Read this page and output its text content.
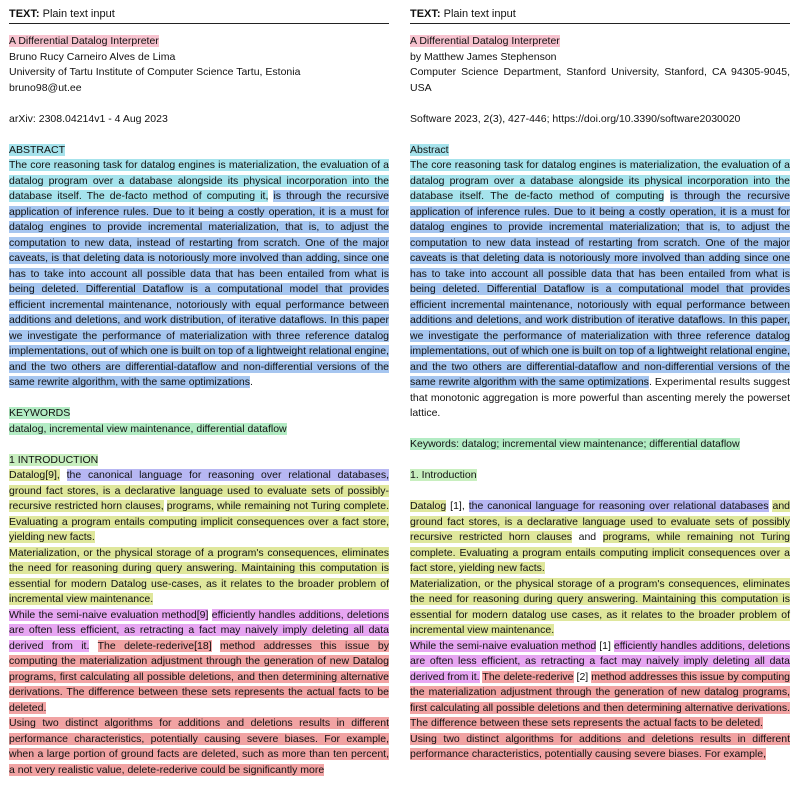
TEXT: Plain text input

A Differential Datalog Interpreter

Bruno Rucy Carneiro Alves de Lima

University of Tartu Institute of Computer Science Tartu, Estonia

bruno98@ut.ee

arXiv: 2308.04214v1 - 4 Aug 2023

ABSTRACT

The core reasoning task for datalog engines is materialization, the evaluation of a datalog program over a database alongside its physical incorporation into the database itself. The de-facto method of computing it, is through the recursive application of inference rules. Due to it being a costly operation, it is a must for datalog engines to provide incremental materialization, that is, to adjust the computation to new data, instead of restarting from scratch. One of the major caveats, is that deleting data is notoriously more involved than adding, since one has to take into account all possible data that has been entailed from what is being deleted. Differential Dataflow is a computational model that provides efficient incremental maintenance, notoriously with equal performance between additions and deletions, and work distribution, of iterative dataflows. In this paper we investigate the performance of materialization with three reference datalog implementations, out of which one is built on top of a lightweight relational engine, and the two others are differential-dataflow and non-differential versions of the same rewrite algorithm, with the same optimizations.

KEYWORDS

datalog, incremental view maintenance, differential dataflow

1 INTRODUCTION

Datalog[9], the canonical language for reasoning over relational databases, ground fact stores, is a declarative language used to evaluate sets of possibly-recursive restricted horn clauses, programs, while remaining not Turing complete. Evaluating a program entails computing implicit consequences over a fact store, yielding new facts.

Materialization, or the physical storage of a program's consequences, eliminates the need for reasoning during query answering. Maintaining this computation is essential for modern Datalog use-cases, as it relates to the broader problem of incremental view maintenance.

While the semi-naive evaluation method[9] efficiently handles additions, deletions are often less efficient, as retracting a fact may naively imply deleting all data derived from it. The delete-rederive[18] method addresses this issue by computing the materialization adjustment through the generation of new Datalog programs, first calculating all possible deletions, and then determining alternative derivations. The difference between these sets represents the actual facts to be deleted.

Using two distinct algorithms for additions and deletions results in different performance characteristics, potentially causing severe biases. For example, when a large portion of ground facts are deleted, such as more than ten percent, a not very realistic value, delete-rederive could be significantly more

TEXT: Plain text input

A Differential Datalog Interpreter

by Matthew James Stephenson

Computer Science Department, Stanford University, Stanford, CA 94305-9045, USA

Software 2023, 2(3), 427-446; https://doi.org/10.3390/software2030020

Abstract

The core reasoning task for datalog engines is materialization, the evaluation of a datalog program over a database alongside its physical incorporation into the database itself. The de-facto method of computing is through the recursive application of inference rules. Due to it being a costly operation, it is a must for datalog engines to provide incremental materialization; that is, to adjust the computation to new data instead of restarting from scratch. One of the major caveats is that deleting data is notoriously more involved than adding since one has to take into account all possible data that has been entailed from what is being deleted. Differential Dataflow is a computational model that provides efficient incremental maintenance, notoriously with equal performance between additions and deletions, and work distribution of iterative dataflows. In this paper, we investigate the performance of materialization with three reference datalog implementations, out of which one is built on top of a lightweight relational engine, and the two others are differential-dataflow and non-differential versions of the same rewrite algorithm with the same optimizations. Experimental results suggest that monotonic aggregation is more powerful than ascenting merely the powerset lattice.

Keywords: datalog; incremental view maintenance; differential dataflow

1. Introduction

Datalog [1], the canonical language for reasoning over relational databases and ground fact stores, is a declarative language used to evaluate sets of possibly recursive restricted horn clauses and programs, while remaining not Turing complete. Evaluating a program entails computing implicit consequences over a fact store, yielding new facts.

Materialization, or the physical storage of a program's consequences, eliminates the need for reasoning during query answering. Maintaining this computation is essential for modern datalog use cases, as it relates to the broader problem of incremental view maintenance.

While the semi-naive evaluation method [1] efficiently handles additions, deletions are often less efficient, as retracting a fact may naively imply deleting all data derived from it. The delete-rederive [2] method addresses this issue by computing the materialization adjustment through the generation of new datalog programs, first calculating all possible deletions and then determining alternative derivations. The difference between these sets represents the actual facts to be deleted.

Using two distinct algorithms for additions and deletions results in different performance characteristics, potentially causing severe biases. For example,
